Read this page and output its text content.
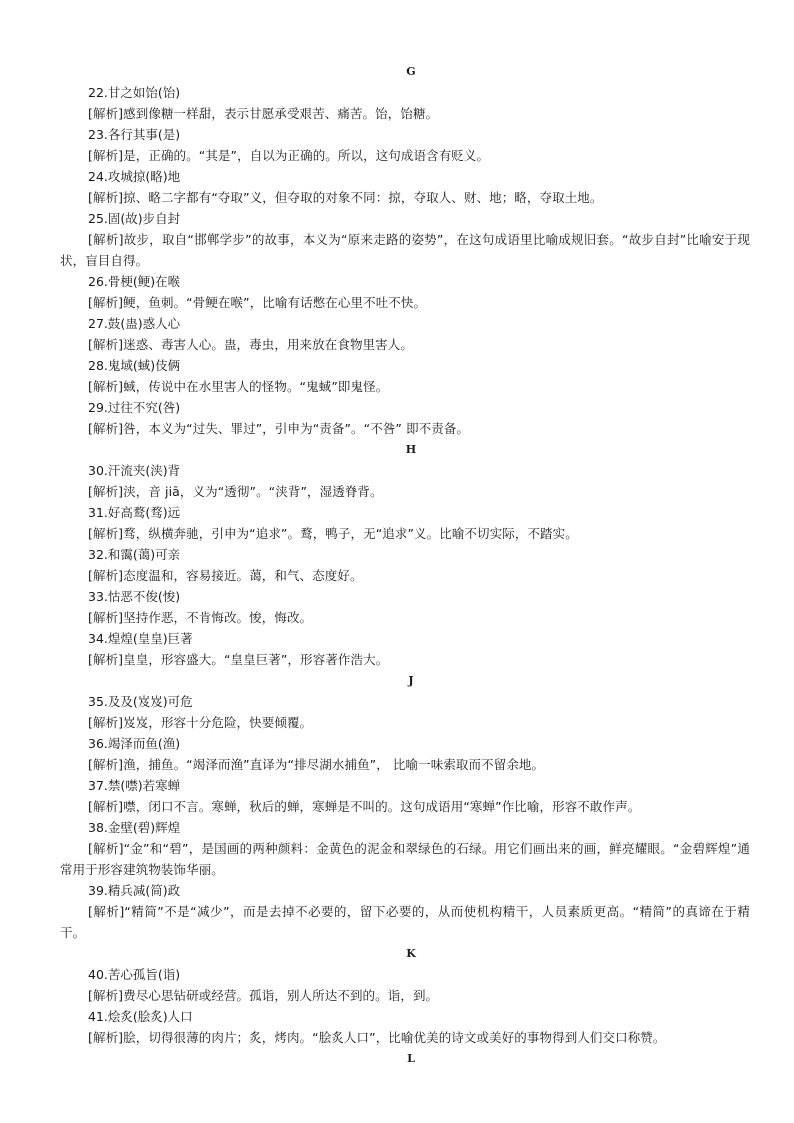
G
22.甘之如饴(饴)
[解析]感到像糖一样甜，表示甘愿承受艰苦、痛苦。饴，饴糖。
23.各行其事(是)
[解析]是，正确的。“其是”，自以为正确的。所以，这句成语含有贬义。
24.攻城掠(略)地
[解析]掠、略二字都有“夺取”义，但夺取的对象不同：掠，夺取人、财、地；略，夺取土地。
25.固(故)步自封
[解析]故步，取自“邯郸学步”的故事，本义为“原来走路的姿势”，在这句成语里比喻成规旧套。“故步自封”比喻安于现状，盲目自得。
26.骨梗(鲠)在喉
[解析]鲠，鱼刺。“骨鲠在喉”，比喻有话憋在心里不吐不快。
27.鼓(蛊)惑人心
[解析]迷惑、毒害人心。蛊，毒虫，用来放在食物里害人。
28.鬼域(蜮)伎俩
[解析]蜮，传说中在水里害人的怪物。“鬼蜮”即鬼怪。
29.过往不究(咎)
[解析]咎，本义为“过失、罪过”，引申为“责备”。“不咎” 即不责备。
H
30.汗流夹(浃)背
[解析]浃，音 jiā，义为“透彻”。“浃背”，湿透脊背。
31.好高鹜(骛)远
[解析]骛，纵横奔驰，引申为“追求”。鹜，鸭子，无“追求”义。比喻不切实际，不踏实。
32.和霭(蔼)可亲
[解析]态度温和，容易接近。蔼，和气、态度好。
33.怙恶不俊(悛)
[解析]坚持作恶，不肯悔改。悛，悔改。
34.煌煌(皇皇)巨著
[解析]皇皇，形容盛大。“皇皇巨著”，形容著作浩大。
J
35.及及(岌岌)可危
[解析]岌岌，形容十分危险，快要倾覆。
36.竭泽而鱼(渔)
[解析]渔，捕鱼。“竭泽而渔”直译为“排尽湖水捕鱼”， 比喻一味索取而不留余地。
37.禁(噤)若寒蝉
[解析]噤，闭口不言。寒蝉，秋后的蝉，寒蝉是不叫的。这句成语用“寒蝉”作比喻，形容不敢作声。
38.金壁(碧)辉煌
[解析]“金”和“碧”，是国画的两种颜料：金黄色的泥金和翠绿色的石绿。用它们画出来的画，鲜亮耀眼。“金碧辉煌”通常用于形容建筑物装饰华丽。
39.精兵减(简)政
[解析]“精简”不是“减少”，而是去掉不必要的，留下必要的，从而使机构精干，人员素质更高。“精简”的真谛在于精干。
K
40.苦心孤旨(诣)
[解析]费尽心思钻研或经营。孤诣，别人所达不到的。诣，到。
41.烩炙(脍炙)人口
[解析]脍，切得很薄的肉片；炙，烤肉。“脍炙人口”，比喻优美的诗文或美好的事物得到人们交口称赞。
L
